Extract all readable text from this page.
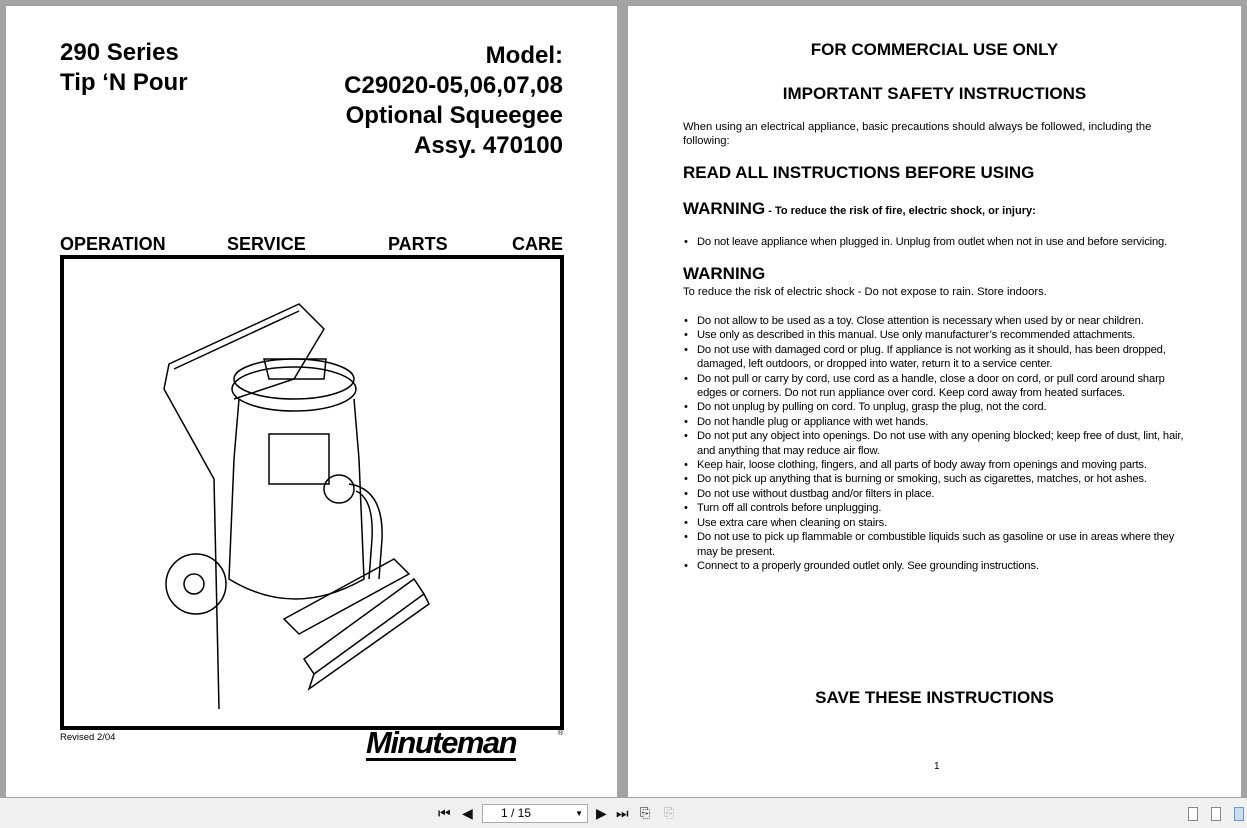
290 Series
Tip ‘N Pour
Model:
C29020-05,06,07,08
Optional Squeegee
Assy. 470100
OPERATION	SERVICE	PARTS	CARE
Revised 2/04	Minuteman	®
FOR COMMERCIAL USE ONLY
IMPORTANT SAFETY INSTRUCTIONS
When using an electrical appliance, basic precautions should always be followed, including the following:
READ ALL INSTRUCTIONS BEFORE USING
WARNING - To reduce the risk of fire, electric shock, or injury:
• Do not leave appliance when plugged in. Unplug from outlet when not in use and before servicing.
WARNING
To reduce the risk of electric shock - Do not expose to rain. Store indoors.
• Do not allow to be used as a toy. Close attention is necessary when used by or near children.
• Use only as described in this manual. Use only manufacturer’s recommended attachments.
• Do not use with damaged cord or plug. If appliance is not working as it should, has been dropped, damaged, left outdoors, or dropped into water, return it to a service center.
• Do not pull or carry by cord, use cord as a handle, close a door on cord, or pull cord around sharp edges or corners. Do not run appliance over cord. Keep cord away from heated surfaces.
• Do not unplug by pulling on cord. To unplug, grasp the plug, not the cord.
• Do not handle plug or appliance with wet hands.
• Do not put any object into openings. Do not use with any opening blocked; keep free of dust, lint, hair, and anything that may reduce air flow.
• Keep hair, loose clothing, fingers, and all parts of body away from openings and moving parts.
• Do not pick up anything that is burning or smoking, such as cigarettes, matches, or hot ashes.
• Do not use without dustbag and/or filters in place.
• Turn off all controls before unplugging.
• Use extra care when cleaning on stairs.
• Do not use to pick up flammable or combustible liquids such as gasoline or use in areas where they may be present.
• Connect to a properly grounded outlet only. See grounding instructions.
SAVE THESE INSTRUCTIONS
1
⏮ ◀	1 / 15	▼ ▶ ⏭ ⎘ ⎘
